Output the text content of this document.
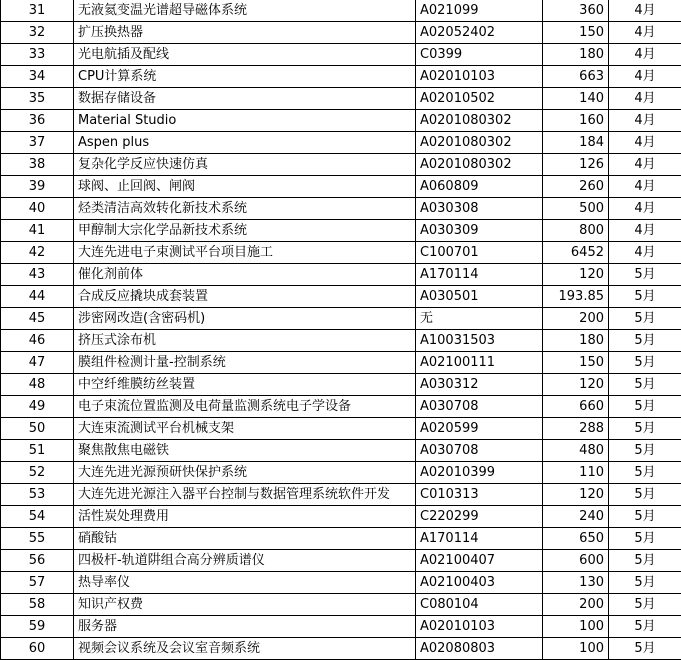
31	无液氦变温光谱超导磁体系统	A021099	360	4月
32	扩压换热器	A02052402	150	4月
33	光电航插及配线	C0399	180	4月
34	CPU计算系统	A02010103	663	4月
35	数据存储设备	A02010502	140	4月
36	Material Studio	A0201080302	160	4月
37	Aspen plus	A0201080302	184	4月
38	复杂化学反应快速仿真	A0201080302	126	4月
39	球阀、止回阀、闸阀	A060809	260	4月
40	烃类清洁高效转化新技术系统	A030308	500	4月
41	甲醇制大宗化学品新技术系统	A030309	800	4月
42	大连先进电子束测试平台项目施工	C100701	6452	4月
43	催化剂前体	A170114	120	5月
44	合成反应撬块成套装置	A030501	193.85	5月
45	涉密网改造(含密码机)	无	200	5月
46	挤压式涂布机	A10031503	180	5月
47	膜组件检测计量-控制系统	A02100111	150	5月
48	中空纤维膜纺丝装置	A030312	120	5月
49	电子束流位置监测及电荷量监测系统电子学设备	A030708	660	5月
50	大连束流测试平台机械支架	A020599	288	5月
51	聚焦散焦电磁铁	A030708	480	5月
52	大连先进光源预研快保护系统	A02010399	110	5月
53	大连先进光源注入器平台控制与数据管理系统软件开发	C010313	120	5月
54	活性炭处理费用	C220299	240	5月
55	硝酸钴	A170114	650	5月
56	四极杆-轨道阱组合高分辨质谱仪	A02100407	600	5月
57	热导率仪	A02100403	130	5月
58	知识产权费	C080104	200	5月
59	服务器	A02010103	100	5月
60	视频会议系统及会议室音频系统	A02080803	100	5月
